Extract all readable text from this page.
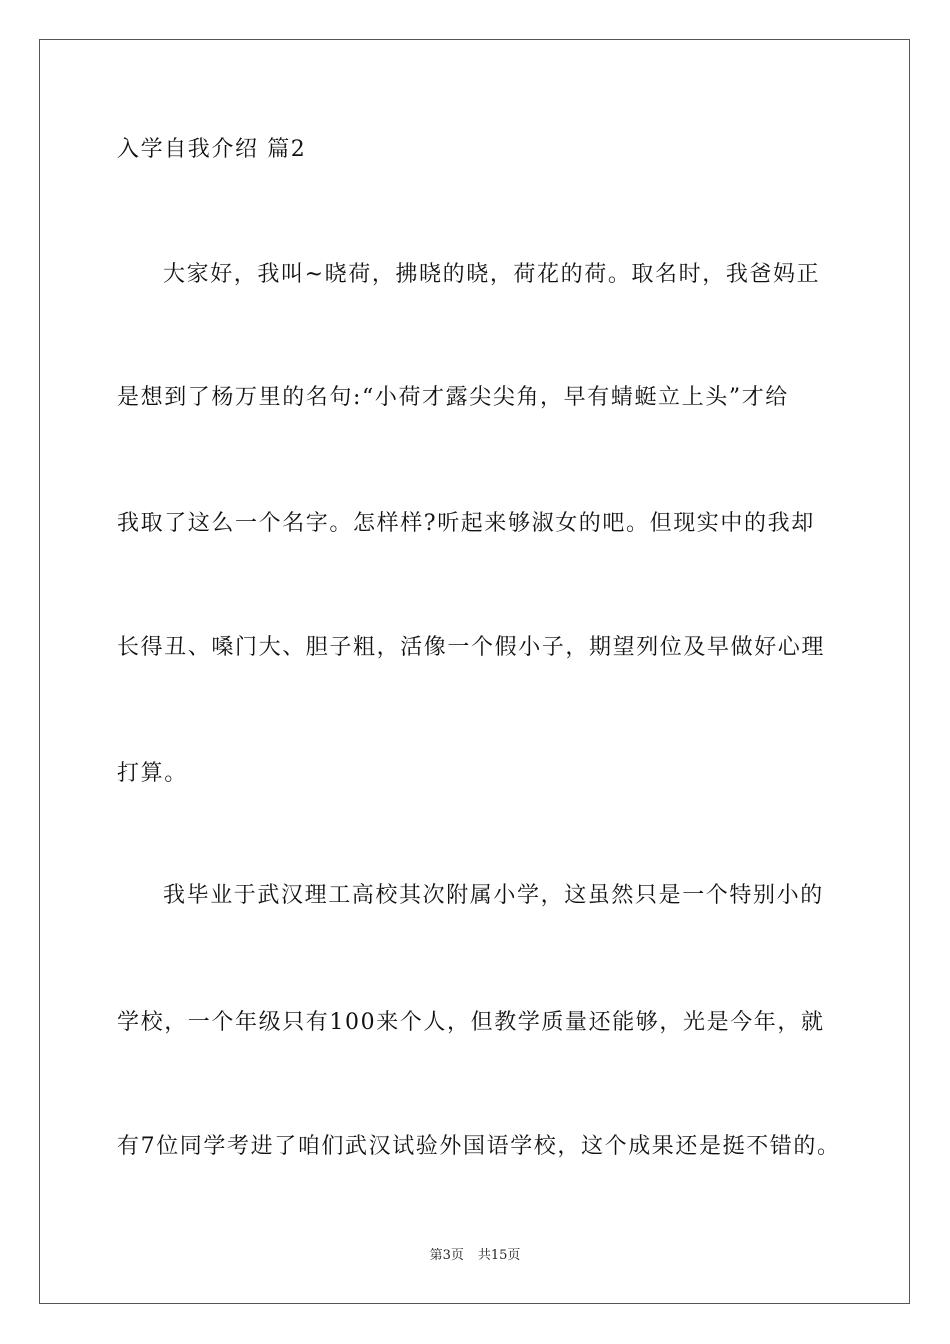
入学自我介绍 篇2
大家好，我叫~晓荷，拂晓的晓，荷花的荷。取名时，我爸妈正
是想到了杨万里的名句:“小荷才露尖尖角，早有蜻蜓立上头”才给
我取了这么一个名字。怎样样?听起来够淑女的吧。但现实中的我却
长得丑、嗓门大、胆子粗，活像一个假小子，期望列位及早做好心理
打算。
我毕业于武汉理工高校其次附属小学，这虽然只是一个特别小的
学校，一个年级只有100来个人，但教学质量还能够，光是今年，就
有7位同学考进了咱们武汉试验外国语学校，这个成果还是挺不错的。
第3页 共15页
